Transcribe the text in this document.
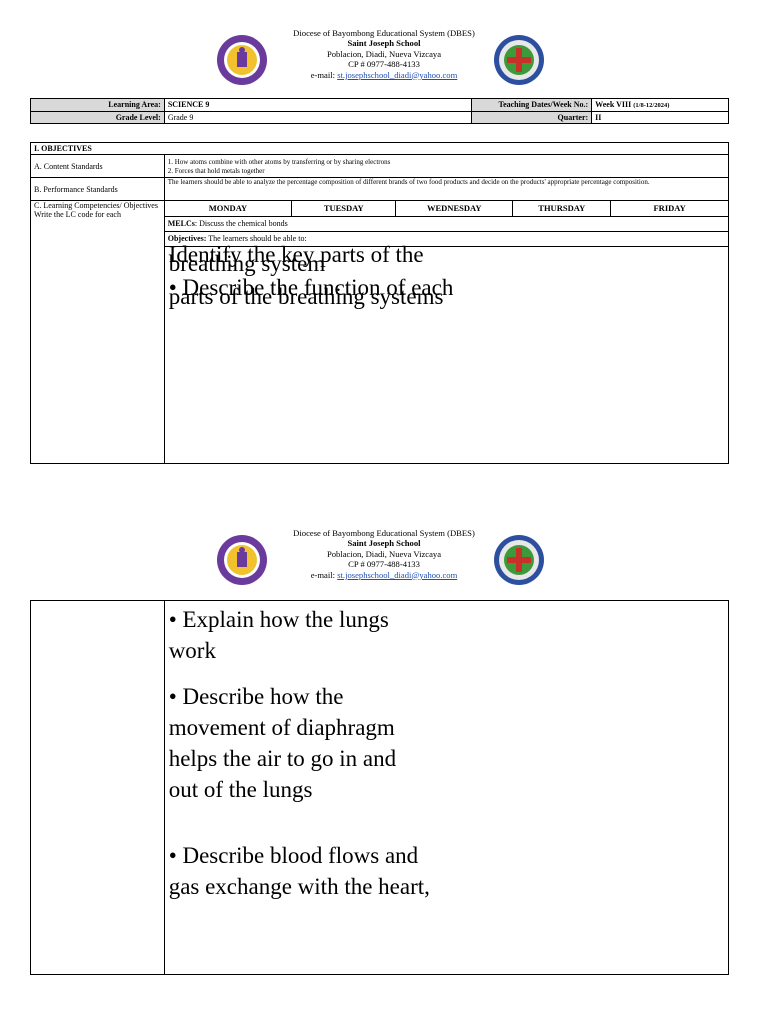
Diocese of Bayombong Educational System (DBES)
Saint Joseph School
Poblacion, Diadi, Nueva Vizcaya
CP # 0977-488-4133
e-mail: st.josephschool_diadi@yahoo.com
Learning Area:	SCIENCE 9	Teaching Dates/Week No.:	Week VIII (1/8-12/2024)
Grade Level:	Grade 9	Quarter:	II
I. OBJECTIVES
A. Content Standards	1. How atoms combine with other atoms by transferring or by sharing electrons
2. Forces that hold metals together

B. Performance Standards	The learners should be able to analyze the percentage composition of different brands of two food products and decide on the products' appropriate percentage composition.
C. Learning Competencies/ Objectives Write the LC code for each	
MONDAY	TUESDAY	WEDNESDAY	THURSDAY	FRIDAY
MELCs: Discuss the chemical bonds
Objectives: The learners should be able to:

Identify the key parts of the breathing system

• Describe the function of each parts of the breathing systems

Diocese of Bayombong Educational System (DBES)
Saint Joseph School
Poblacion, Diadi, Nueva Vizcaya
CP # 0977-488-4133
e-mail: st.josephschool_diadi@yahoo.com

• Explain how the lungs work

• Describe how the movement of diaphragm helps the air to go in and out of the lungs

• Describe blood flows and gas exchange with the heart,
